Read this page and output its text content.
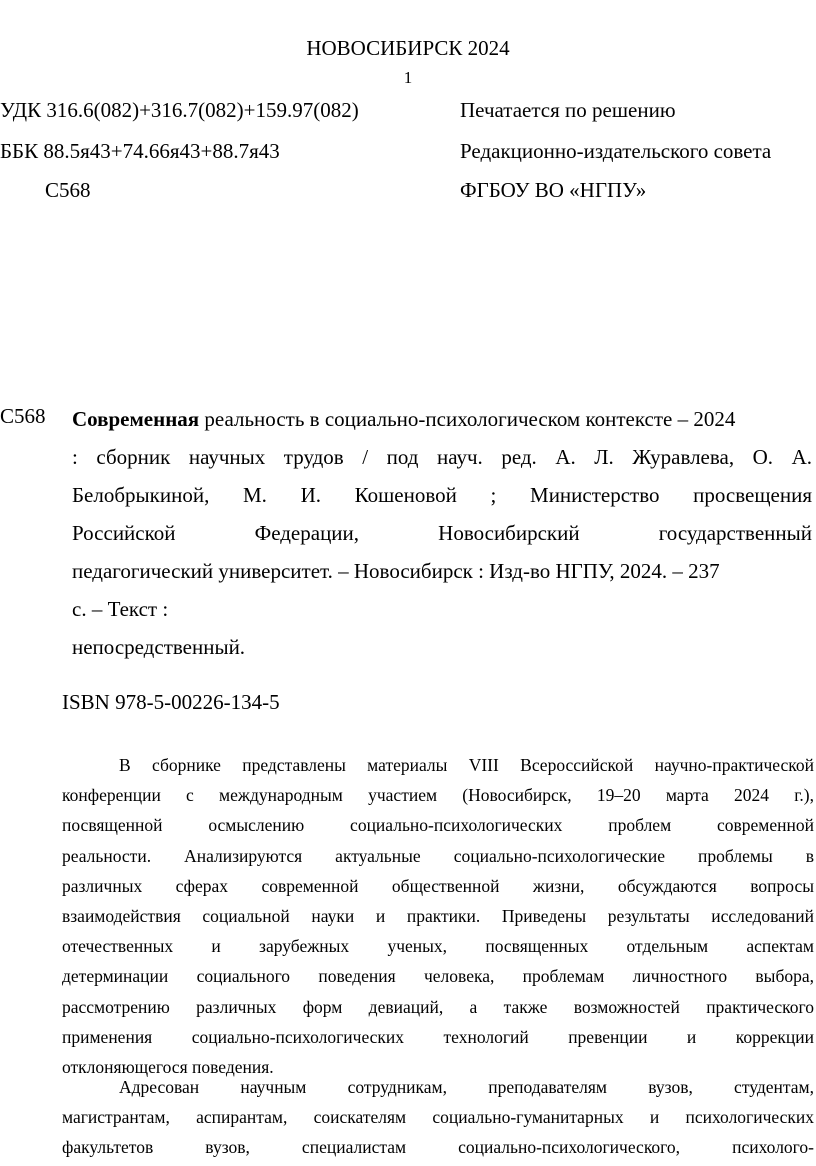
НОВОСИБИРСК 2024
1
УДК 316.6(082)+316.7(082)+159.97(082)
ББК 88.5я43+74.66я43+88.7я43
С568
Печатается по решению
Редакционно-издательского совета
ФГБОУ ВО «НГПУ»
С568 Современная реальность в социально-психологическом контексте – 2024
: сборник научных трудов / под науч. ред. А. Л. Журавлева, О. А.
Белобрыкиной, М. И. Кошеновой ; Министерство просвещения
Российской Федерации, Новосибирский государственный
педагогический университет. – Новосибирск : Изд-во НГПУ, 2024. – 237
с. – Текст :
непосредственный.
ISBN 978-5-00226-134-5
В сборнике представлены материалы VIII Всероссийской научно-практической
конференции с международным участием (Новосибирск, 19–20 марта 2024 г.),
посвященной осмыслению социально-психологических проблем современной
реальности. Анализируются актуальные социально-психологические проблемы в
различных сферах современной общественной жизни, обсуждаются вопросы
взаимодействия социальной науки и практики. Приведены результаты исследований
отечественных и зарубежных ученых, посвященных отдельным аспектам
детерминации социального поведения человека, проблемам личностного выбора,
рассмотрению различных форм девиаций, а также возможностей практического
применения социально-психологических технологий превенции и коррекции
отклоняющегося поведения.
Адресован научным сотрудникам, преподавателям вузов, студентам,
магистрантам, аспирантам, соискателям социально-гуманитарных и психологических
факультетов вузов, специалистам социально-психологического, психолого-
